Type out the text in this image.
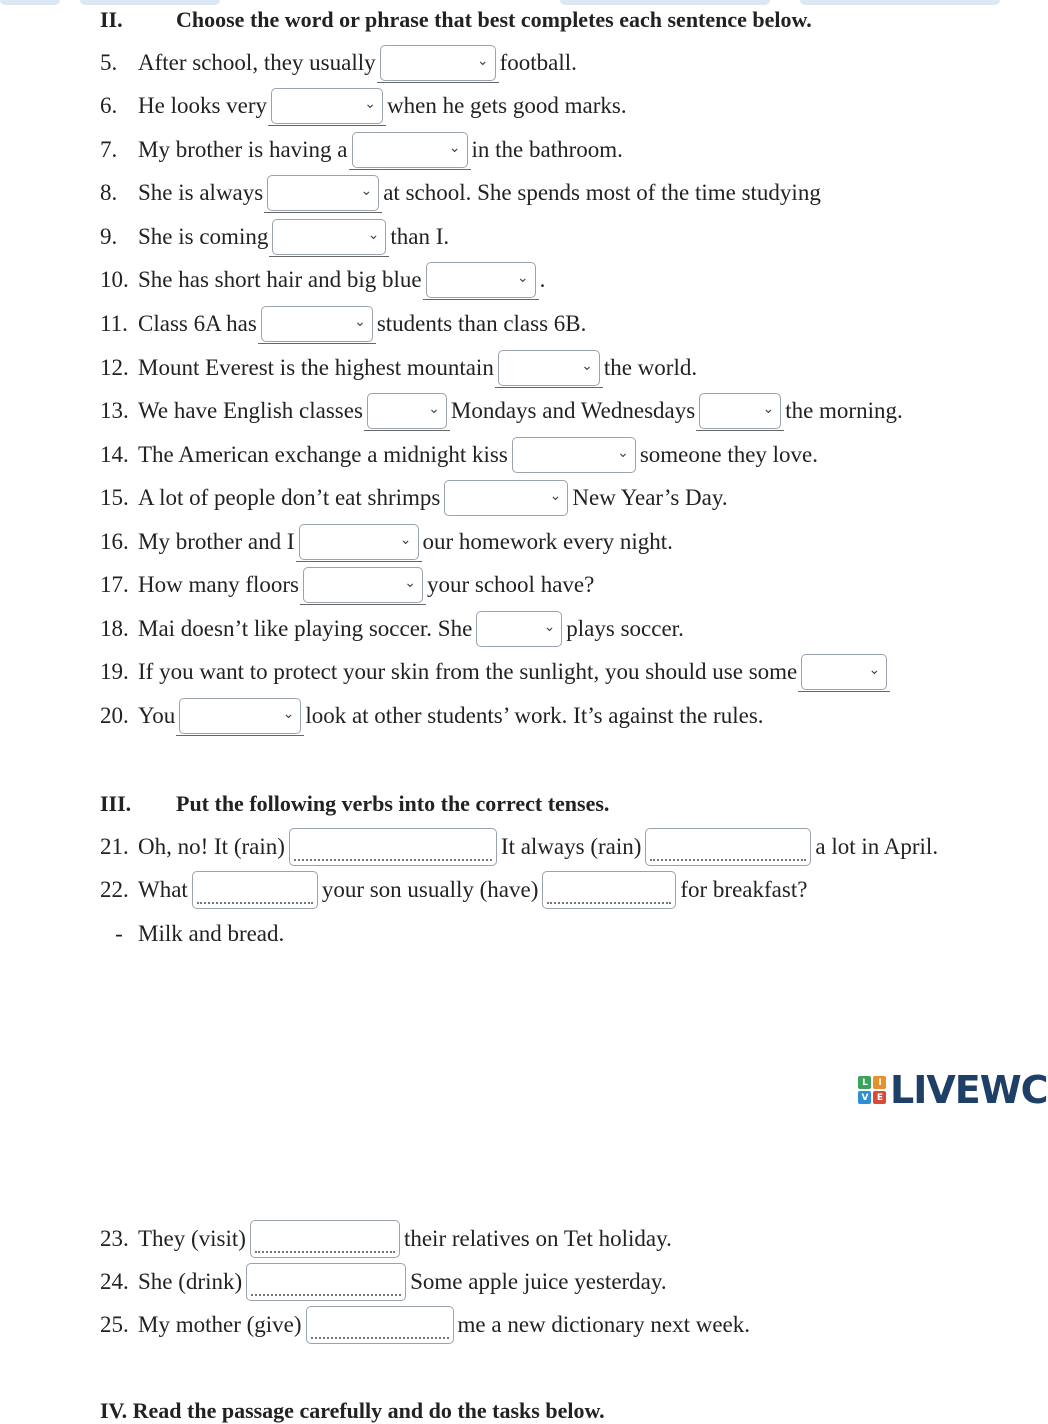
II.	Choose the word or phrase that best completes each sentence below.
5. After school, they usually	⌄ football.
6. He looks very	⌄ when he gets good marks.
7. My brother is having a	⌄ in the bathroom.
8. She is always	⌄ at school. She spends most of the time studying
9. She is coming	⌄ than I.
10. She has short hair and big blue	⌄ .
11. Class 6A has	⌄ students than class 6B.
12. Mount Everest is the highest mountain	⌄ the world.
13. We have English classes	⌄ Mondays and Wednesdays	⌄ the morning.
14. The American exchange a midnight kiss	⌄ someone they love.
15. A lot of people don’t eat shrimps	⌄ New Year’s Day.
16. My brother and I	⌄ our homework every night.
17. How many floors	⌄ your school have?
18. Mai doesn’t like playing soccer. She	⌄ plays soccer.
19. If you want to protect your skin from the sunlight, you should use some	⌄
20. You	⌄ look at other students’ work. It’s against the rules.
III.	Put the following verbs into the correct tenses.
21. Oh, no! It (rain)	It always (rain)	a lot in April.
22. What	your son usually (have)	for breakfast?
- Milk and bread.
L	I
V	E LIVEWC
23. They (visit)	their relatives on Tet holiday.
24. She (drink)	Some apple juice yesterday.
25. My mother (give)	me a new dictionary next week.
IV. Read the passage carefully and do the tasks below.
